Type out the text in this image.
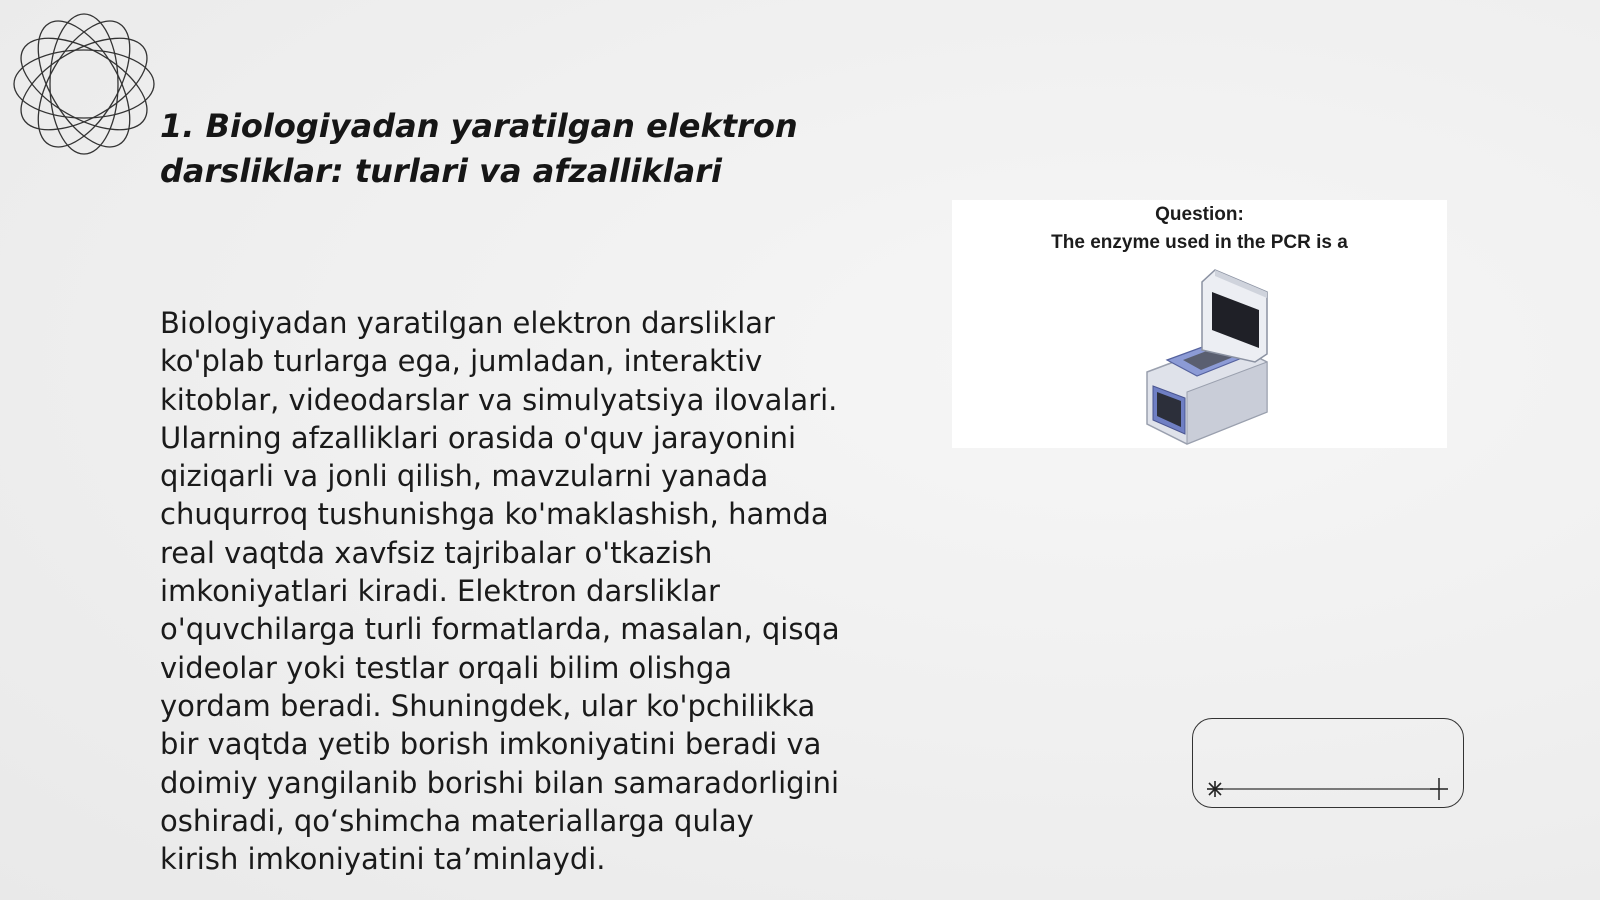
1. Biologiyadan yaratilgan elektron darsliklar: turlari va afzalliklari

Biologiyadan yaratilgan elektron darsliklar ko'plab turlarga ega, jumladan, interaktiv kitoblar, videodarslar va simulyatsiya ilovalari. Ularning afzalliklari orasida o'quv jarayonini qiziqarli va jonli qilish, mavzularni yanada chuqurroq tushunishga ko'maklashish, hamda real vaqtda xavfsiz tajribalar o'tkazish imkoniyatlari kiradi. Elektron darsliklar o'quvchilarga turli formatlarda, masalan, qisqa videolar yoki testlar orqali bilim olishga yordam beradi. Shuningdek, ular ko'pchilikka bir vaqtda yetib borish imkoniyatini beradi va doimiy yangilanib borishi bilan samaradorligini oshiradi, qo‘shimcha materiallarga qulay kirish imkoniyatini ta’minlaydi.

Question:
The enzyme used in the PCR is a
